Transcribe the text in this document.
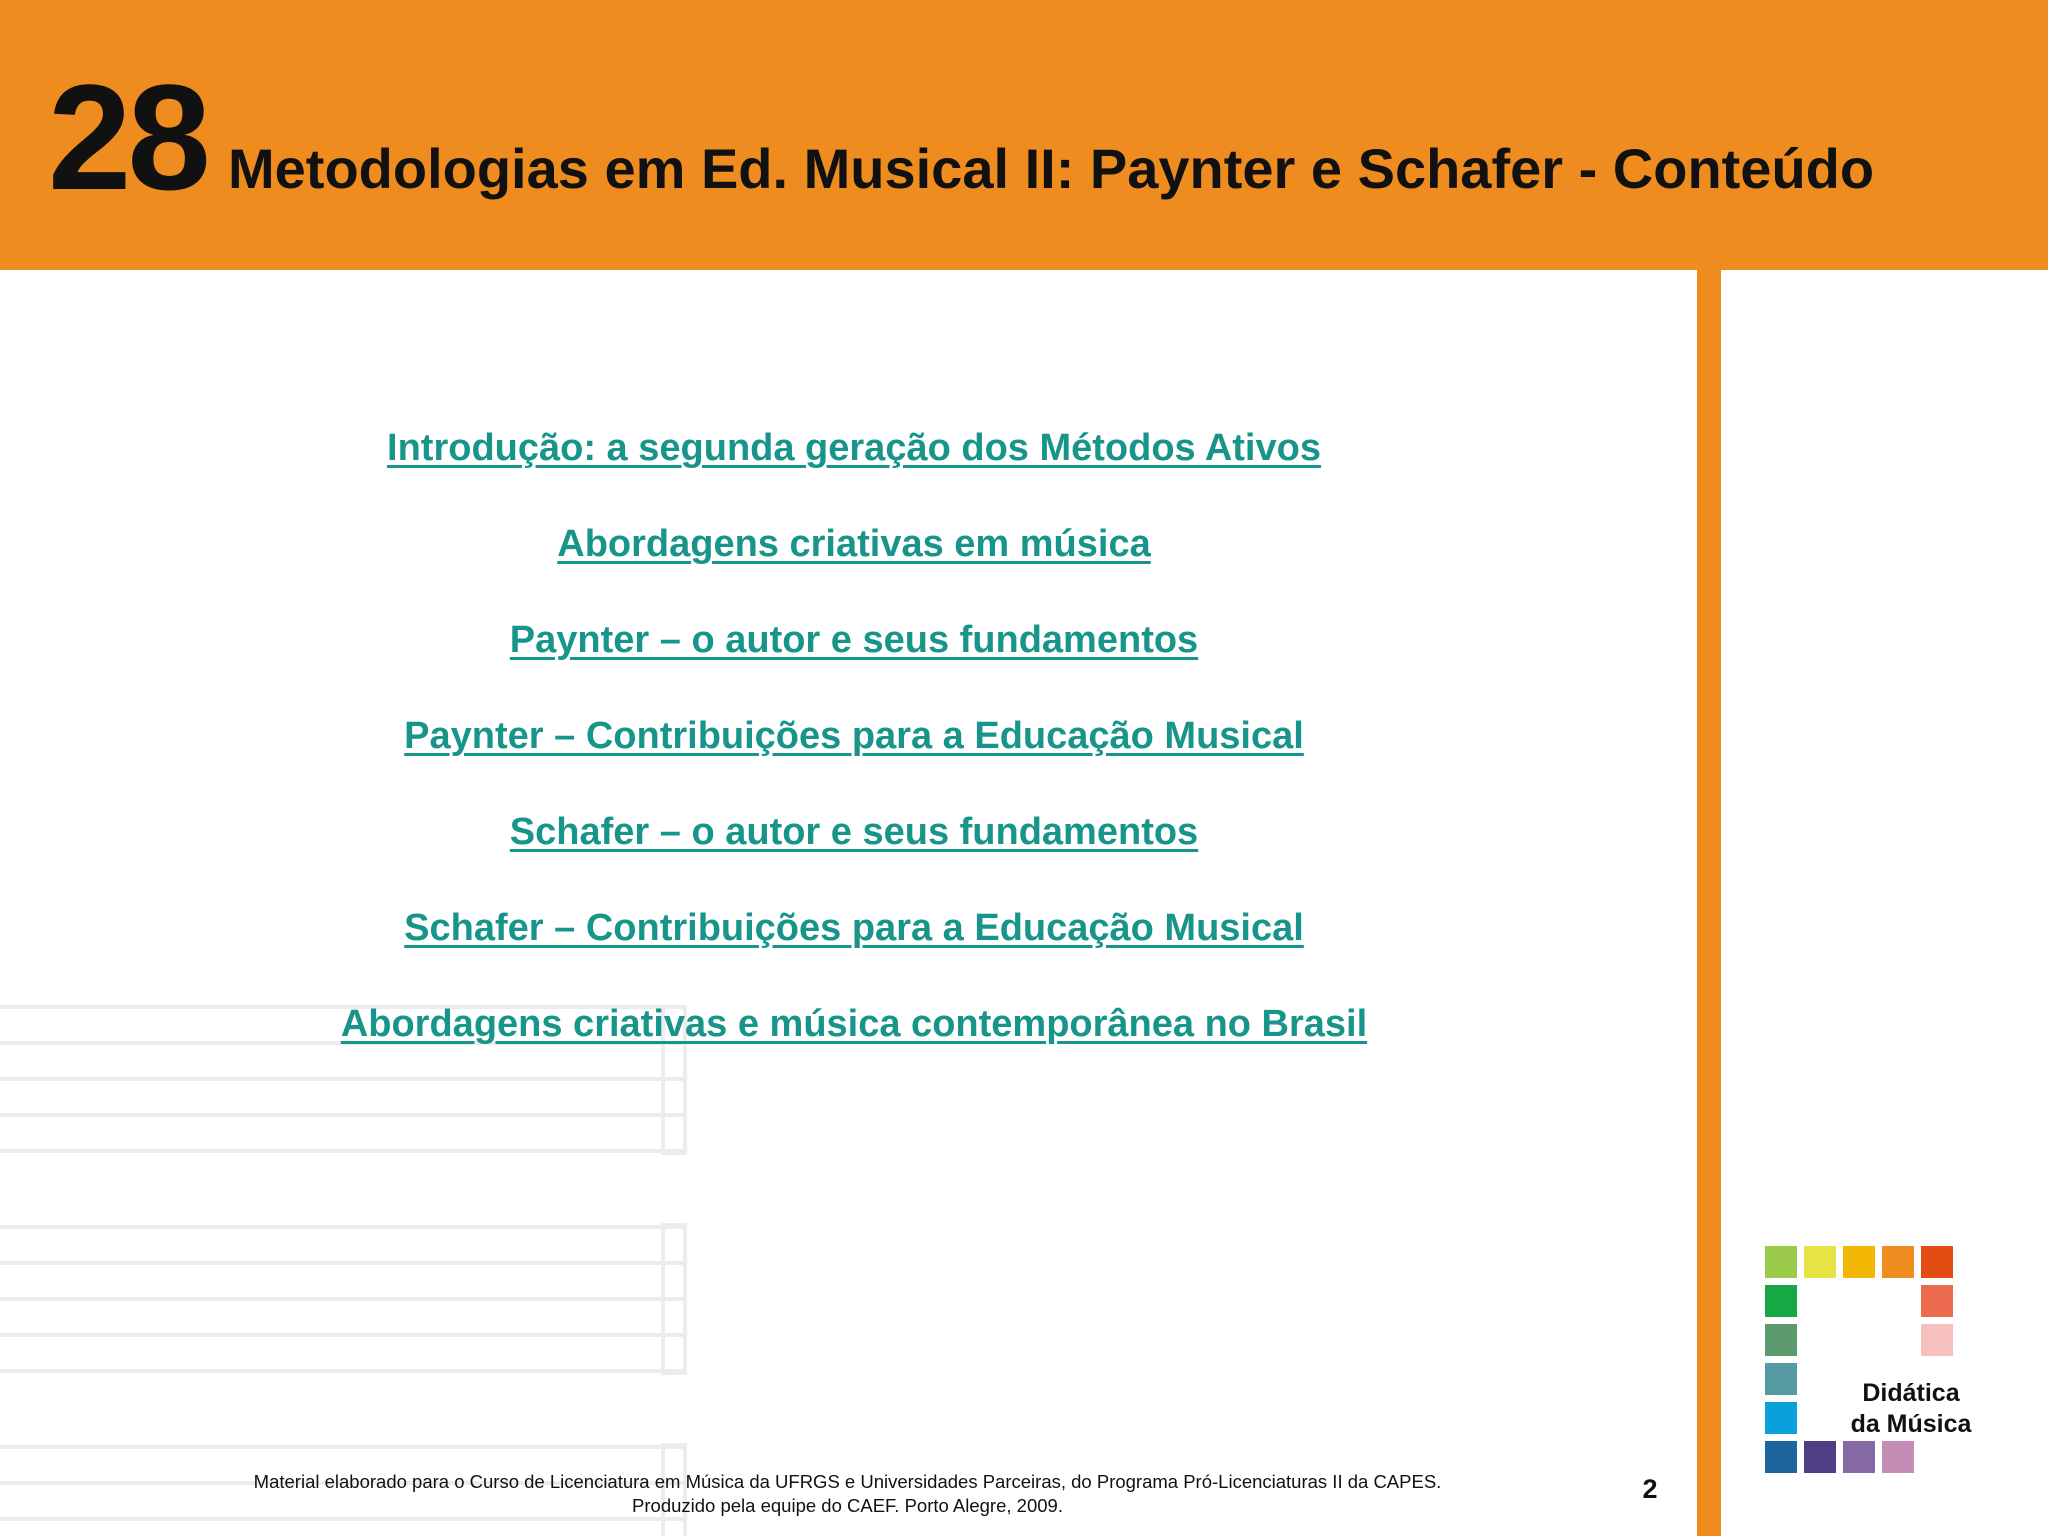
28 Metodologias em Ed. Musical II: Paynter e Schafer - Conteúdo
Introdução: a segunda geração dos Métodos Ativos
Abordagens criativas em música
Paynter – o autor e seus fundamentos
Paynter – Contribuições para a Educação Musical
Schafer – o autor e seus fundamentos
Schafer – Contribuições para a Educação Musical
Abordagens criativas e música contemporânea no Brasil
Material elaborado para o Curso de Licenciatura em Música da UFRGS e Universidades Parceiras, do Programa Pró-Licenciaturas II da CAPES.
Produzido pela equipe do CAEF. Porto Alegre, 2009.
2
Didática
da Música
